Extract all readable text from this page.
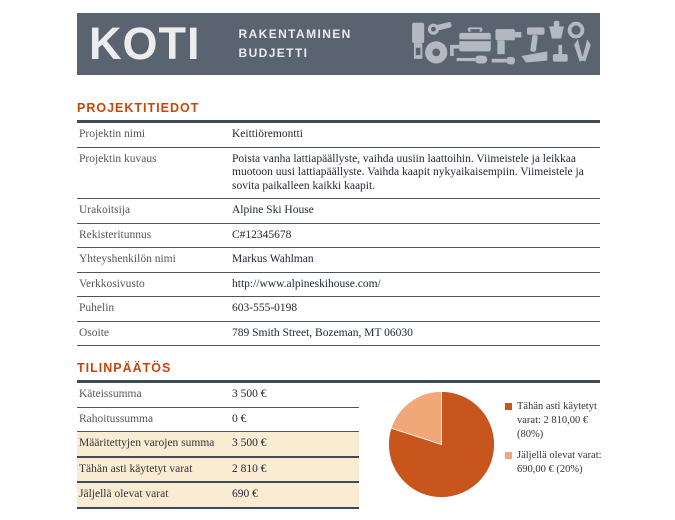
KOTI	RAKENTAMINEN
BUDJETTI
PROJEKTITIEDOT
Projektin nimi	Keittiöremontti
Projektin kuvaus	Poista vanha lattiapäällyste, vaihda uusiin laattoihin. Viimeistele ja leikkaa muotoon uusi lattiapäällyste. Vaihda kaapit nykyaikaisempiin. Viimeistele ja sovita paikalleen kaikki kaapit.
Urakoitsija	Alpine Ski House
Rekisteritunnus	C#12345678
Yhteyshenkilön nimi	Markus Wahlman
Verkkosivusto	http://www.alpineskihouse.com/
Puhelin	603-555-0198
Osoite	789 Smith Street, Bozeman, MT 06030
TILINPÄÄTÖS
Käteissumma	3 500 €
Rahoitussumma	0 €
Määritettyjen varojen summa	3 500 €
Tähän asti käytetyt varat	2 810 €
Jäljellä olevat varat	690 €
Tähän asti käytetyt varat: 2 810,00 € (80%)
Jäljellä olevat varat: 690,00 € (20%)
